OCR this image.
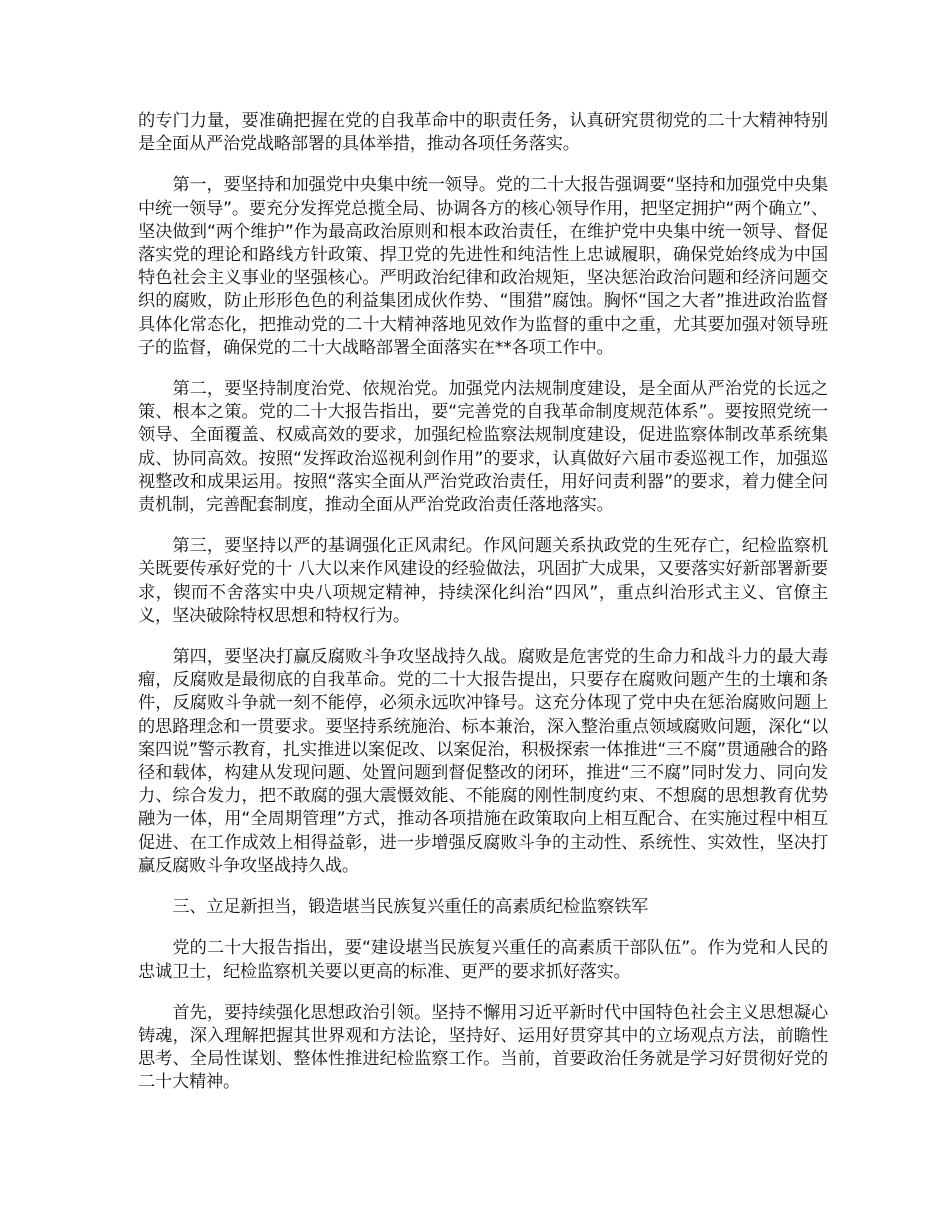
的专门力量，要准确把握在党的自我革命中的职责任务，认真研究贯彻党的二十大精神特别是全面从严治党战略部署的具体举措，推动各项任务落实。

第一，要坚持和加强党中央集中统一领导。党的二十大报告强调要“坚持和加强党中央集中统一领导”。要充分发挥党总揽全局、协调各方的核心领导作用，把坚定拥护“两个确立”、坚决做到“两个维护”作为最高政治原则和根本政治责任，在维护党中央集中统一领导、督促落实党的理论和路线方针政策、捍卫党的先进性和纯洁性上忠诚履职，确保党始终成为中国特色社会主义事业的坚强核心。严明政治纪律和政治规矩，坚决惩治政治问题和经济问题交织的腐败，防止形形色色的利益集团成伙作势、“围猎”腐蚀。胸怀“国之大者”推进政治监督具体化常态化，把推动党的二十大精神落地见效作为监督的重中之重，尤其要加强对领导班子的监督，确保党的二十大战略部署全面落实在**各项工作中。

第二，要坚持制度治党、依规治党。加强党内法规制度建设，是全面从严治党的长远之策、根本之策。党的二十大报告指出，要“完善党的自我革命制度规范体系”。要按照党统一领导、全面覆盖、权威高效的要求，加强纪检监察法规制度建设，促进监察体制改革系统集成、协同高效。按照“发挥政治巡视利剑作用”的要求，认真做好六届市委巡视工作，加强巡视整改和成果运用。按照“落实全面从严治党政治责任，用好问责利器”的要求，着力健全问责机制，完善配套制度，推动全面从严治党政治责任落地落实。

第三，要坚持以严的基调强化正风肃纪。作风问题关系执政党的生死存亡，纪检监察机关既要传承好党的十 八大以来作风建设的经验做法，巩固扩大成果，又要落实好新部署新要求，锲而不舍落实中央八项规定精神，持续深化纠治“四风”，重点纠治形式主义、官僚主义，坚决破除特权思想和特权行为。

第四，要坚决打赢反腐败斗争攻坚战持久战。腐败是危害党的生命力和战斗力的最大毒瘤，反腐败是最彻底的自我革命。党的二十大报告提出，只要存在腐败问题产生的土壤和条件，反腐败斗争就一刻不能停，必须永远吹冲锋号。这充分体现了党中央在惩治腐败问题上的思路理念和一贯要求。要坚持系统施治、标本兼治，深入整治重点领域腐败问题，深化“以案四说”警示教育，扎实推进以案促改、以案促治，积极探索一体推进“三不腐”贯通融合的路径和载体，构建从发现问题、处置问题到督促整改的闭环，推进“三不腐”同时发力、同向发力、综合发力，把不敢腐的强大震慑效能、不能腐的刚性制度约束、不想腐的思想教育优势融为一体，用“全周期管理”方式，推动各项措施在政策取向上相互配合、在实施过程中相互促进、在工作成效上相得益彰，进一步增强反腐败斗争的主动性、系统性、实效性，坚决打赢反腐败斗争攻坚战持久战。

三、立足新担当，锻造堪当民族复兴重任的高素质纪检监察铁军

党的二十大报告指出，要“建设堪当民族复兴重任的高素质干部队伍”。作为党和人民的忠诚卫士，纪检监察机关要以更高的标准、更严的要求抓好落实。

首先，要持续强化思想政治引领。坚持不懈用习近平新时代中国特色社会主义思想凝心铸魂，深入理解把握其世界观和方法论，坚持好、运用好贯穿其中的立场观点方法，前瞻性思考、全局性谋划、整体性推进纪检监察工作。当前，首要政治任务就是学习好贯彻好党的二十大精神。
